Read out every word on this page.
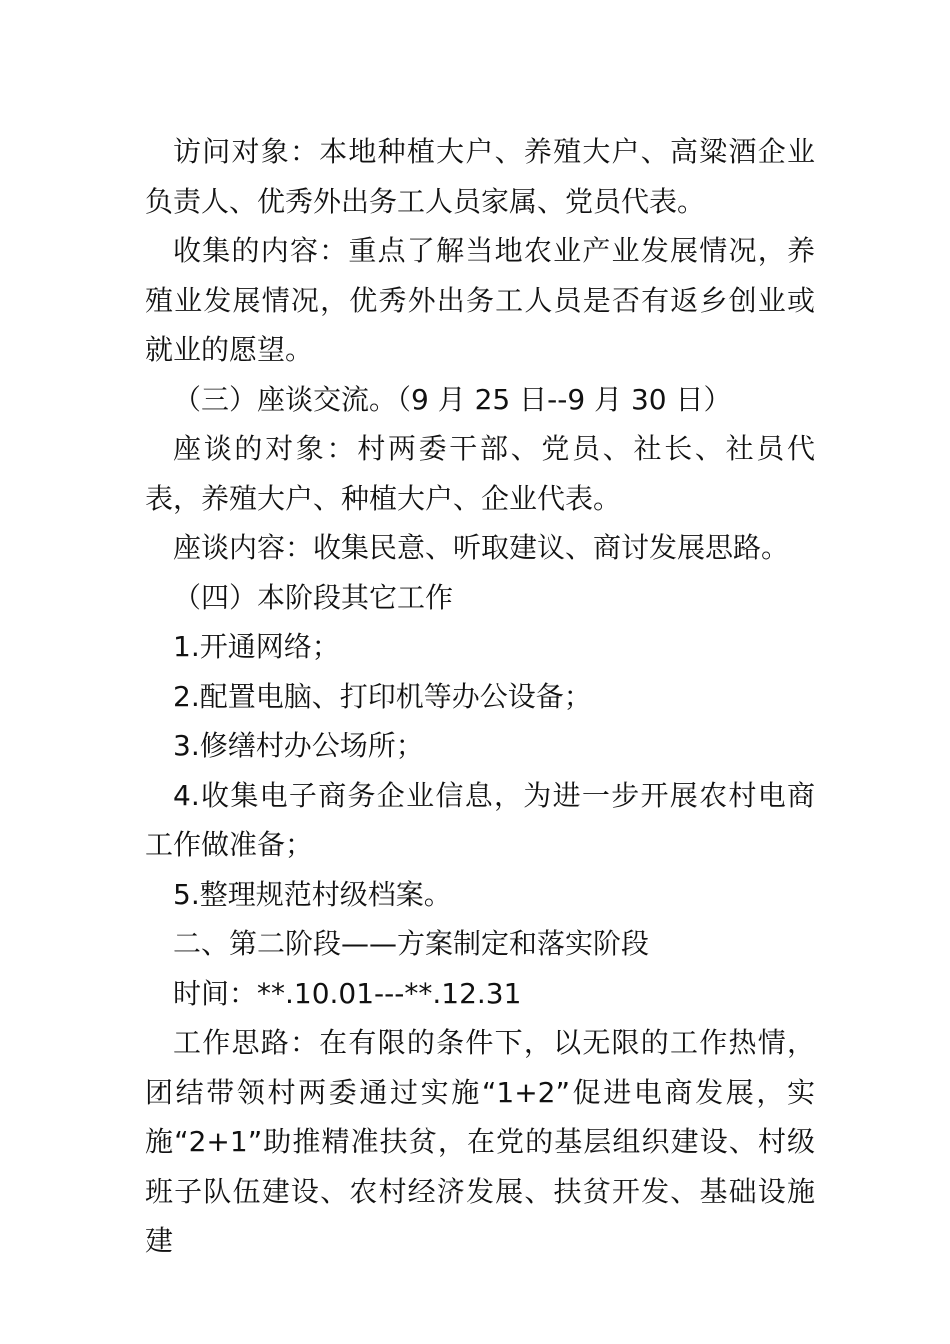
访问对象：本地种植大户、养殖大户、高粱酒企业负责人、优秀外出务工人员家属、党员代表。

收集的内容：重点了解当地农业产业发展情况，养殖业发展情况，优秀外出务工人员是否有返乡创业或就业的愿望。

（三）座谈交流。（9 月 25 日--9 月 30 日）

座谈的对象：村两委干部、党员、社长、社员代表，养殖大户、种植大户、企业代表。

座谈内容：收集民意、听取建议、商讨发展思路。

（四）本阶段其它工作

1.开通网络；

2.配置电脑、打印机等办公设备；

3.修缮村办公场所；

4.收集电子商务企业信息，为进一步开展农村电商工作做准备；

5.整理规范村级档案。

二、第二阶段——方案制定和落实阶段

时间：**.10.01---**.12.31

工作思路：在有限的条件下，以无限的工作热情，团结带领村两委通过实施“1+2”促进电商发展，实施“2+1”助推精准扶贫，在党的基层组织建设、村级班子队伍建设、农村经济发展、扶贫开发、基础设施建
